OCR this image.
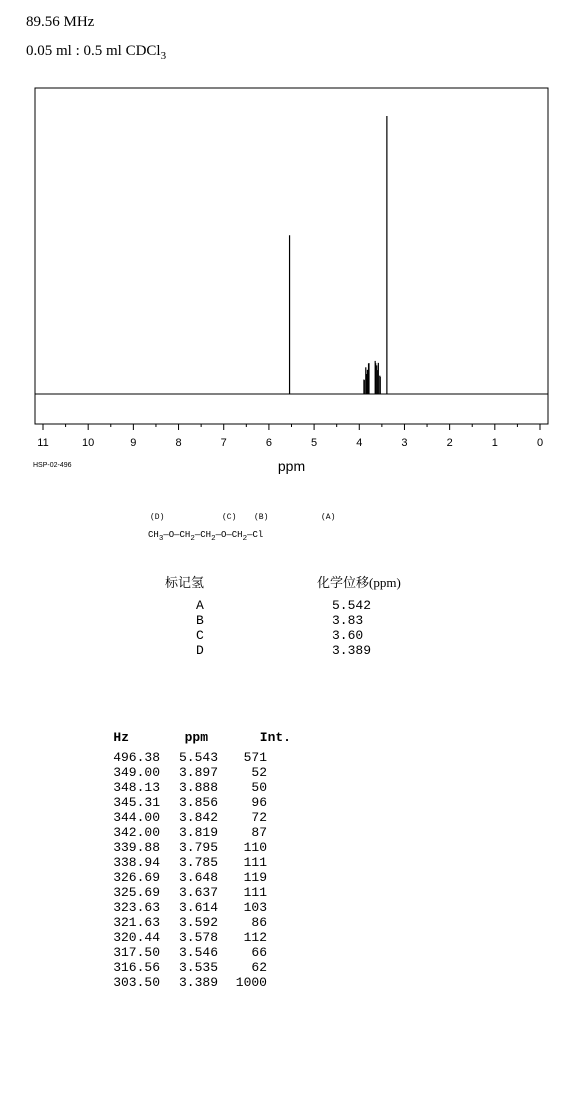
89.56 MHz
0.05 ml : 0.5 ml CDCl$_3$
11	10	9	8	7	6	5	4	3	2	1	0
ppm
HSP-02-496
(D)	(C) (B)	(A)
$CH_3—O—CH_2—CH_2—O—CH_2—Cl$
标记氢	化学位移(ppm)
A	5.542
B	3.83
C	3.60
D	3.389
Hz	ppm	Int.
496.38 5.543 571
349.00 3.897	52
348.13 3.888	50
345.31 3.856	96
344.00 3.842	72
342.00 3.819	87
339.88 3.795 110
338.94 3.785 111
326.69 3.648 119
325.69 3.637 111
323.63 3.614 103
321.63 3.592	86
320.44 3.578 112
317.50 3.546	66
316.56 3.535	62
303.50 3.389 1000
